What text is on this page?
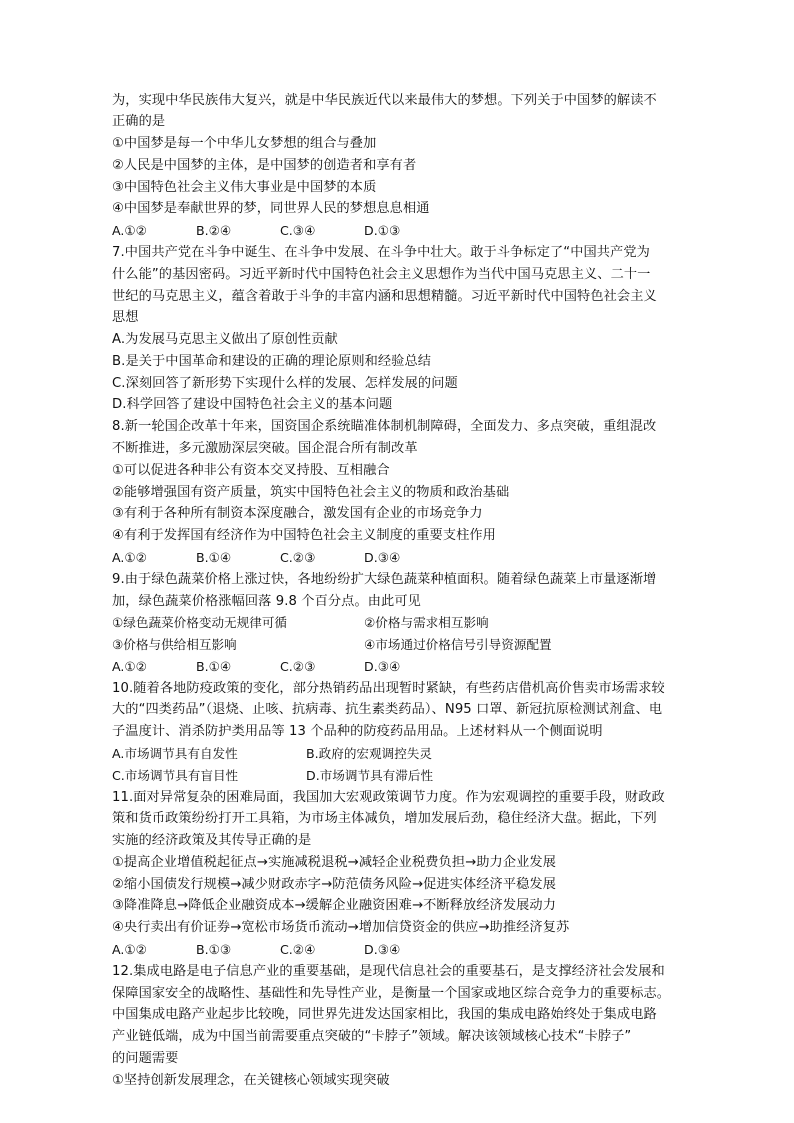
为，实现中华民族伟大复兴，就是中华民族近代以来最伟大的梦想。下列关于中国梦的解读不
正确的是
①中国梦是每一个中华儿女梦想的组合与叠加
②人民是中国梦的主体，是中国梦的创造者和享有者
③中国特色社会主义伟大事业是中国梦的本质
④中国梦是奉献世界的梦，同世界人民的梦想息息相通
A.①②	B.②④	C.③④	D.①③
7.中国共产党在斗争中诞生、在斗争中发展、在斗争中壮大。敢于斗争标定了“中国共产党为
什么能”的基因密码。习近平新时代中国特色社会主义思想作为当代中国马克思主义、二十一
世纪的马克思主义，蕴含着敢于斗争的丰富内涵和思想精髓。习近平新时代中国特色社会主义
思想
A.为发展马克思主义做出了原创性贡献
B.是关于中国革命和建设的正确的理论原则和经验总结
C.深刻回答了新形势下实现什么样的发展、怎样发展的问题
D.科学回答了建设中国特色社会主义的基本问题
8.新一轮国企改革十年来，国资国企系统瞄准体制机制障碍，全面发力、多点突破，重组混改
不断推进，多元激励深层突破。国企混合所有制改革
①可以促进各种非公有资本交叉持股、互相融合
②能够增强国有资产质量，筑实中国特色社会主义的物质和政治基础
③有利于各种所有制资本深度融合，激发国有企业的市场竞争力
④有利于发挥国有经济作为中国特色社会主义制度的重要支柱作用
A.①②	B.①④	C.②③	D.③④
9.由于绿色蔬菜价格上涨过快，各地纷纷扩大绿色蔬菜种植面积。随着绿色蔬菜上市量逐渐增
加，绿色蔬菜价格涨幅回落 9.8 个百分点。由此可见
①绿色蔬菜价格变动无规律可循	②价格与需求相互影响
③价格与供给相互影响	④市场通过价格信号引导资源配置
A.①②	B.①④	C.②③	D.③④
10.随着各地防疫政策的变化，部分热销药品出现暂时紧缺，有些药店借机高价售卖市场需求较
大的“四类药品”（退烧、止咳、抗病毒、抗生素类药品）、N95 口罩、新冠抗原检测试剂盒、电
子温度计、消杀防护类用品等 13 个品种的防疫药品用品。上述材料从一个侧面说明
A.市场调节具有自发性	B.政府的宏观调控失灵
C.市场调节具有盲目性	D.市场调节具有滞后性
11.面对异常复杂的困难局面，我国加大宏观政策调节力度。作为宏观调控的重要手段，财政政
策和货币政策纷纷打开工具箱，为市场主体减负，增加发展后劲，稳住经济大盘。据此，下列
实施的经济政策及其传导正确的是
①提高企业增值税起征点→实施减税退税→减轻企业税费负担→助力企业发展
②缩小国债发行规模→减少财政赤字→防范债务风险→促进实体经济平稳发展
③降准降息→降低企业融资成本→缓解企业融资困难→不断释放经济发展动力
④央行卖出有价证券→宽松市场货币流动→增加信贷资金的供应→助推经济复苏
A.①②	B.①③	C.②④	D.③④
12.集成电路是电子信息产业的重要基础，是现代信息社会的重要基石，是支撑经济社会发展和
保障国家安全的战略性、基础性和先导性产业，是衡量一个国家或地区综合竞争力的重要标志。
中国集成电路产业起步比较晚，同世界先进发达国家相比，我国的集成电路始终处于集成电路
产业链低端，成为中国当前需要重点突破的“卡脖子”领域。解决该领域核心技术“卡脖子”
的问题需要
①坚持创新发展理念，在关键核心领域实现突破
